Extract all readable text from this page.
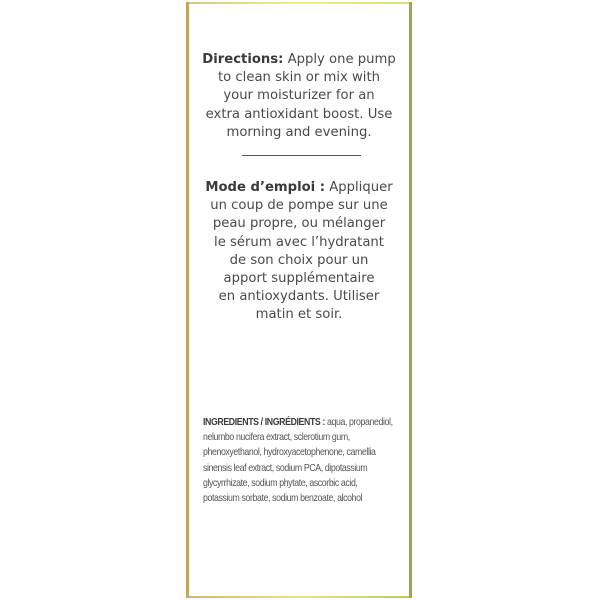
Directions: Apply one pump
to clean skin or mix with
your moisturizer for an
extra antioxidant boost. Use
morning and evening.
Mode d’emploi : Appliquer
un coup de pompe sur une
peau propre, ou mélanger
le sérum avec l’hydratant
de son choix pour un
apport supplémentaire
en antioxydants. Utiliser
matin et soir.
INGREDIENTS / INGRÉDIENTS : aqua, propanediol,
nelumbo nucifera extract, sclerotium gum,
phenoxyethanol, hydroxyacetophenone, camellia
sinensis leaf extract, sodium PCA, dipotassium
glycyrrhizate, sodium phytate, ascorbic acid,
potassium sorbate, sodium benzoate, alcohol
